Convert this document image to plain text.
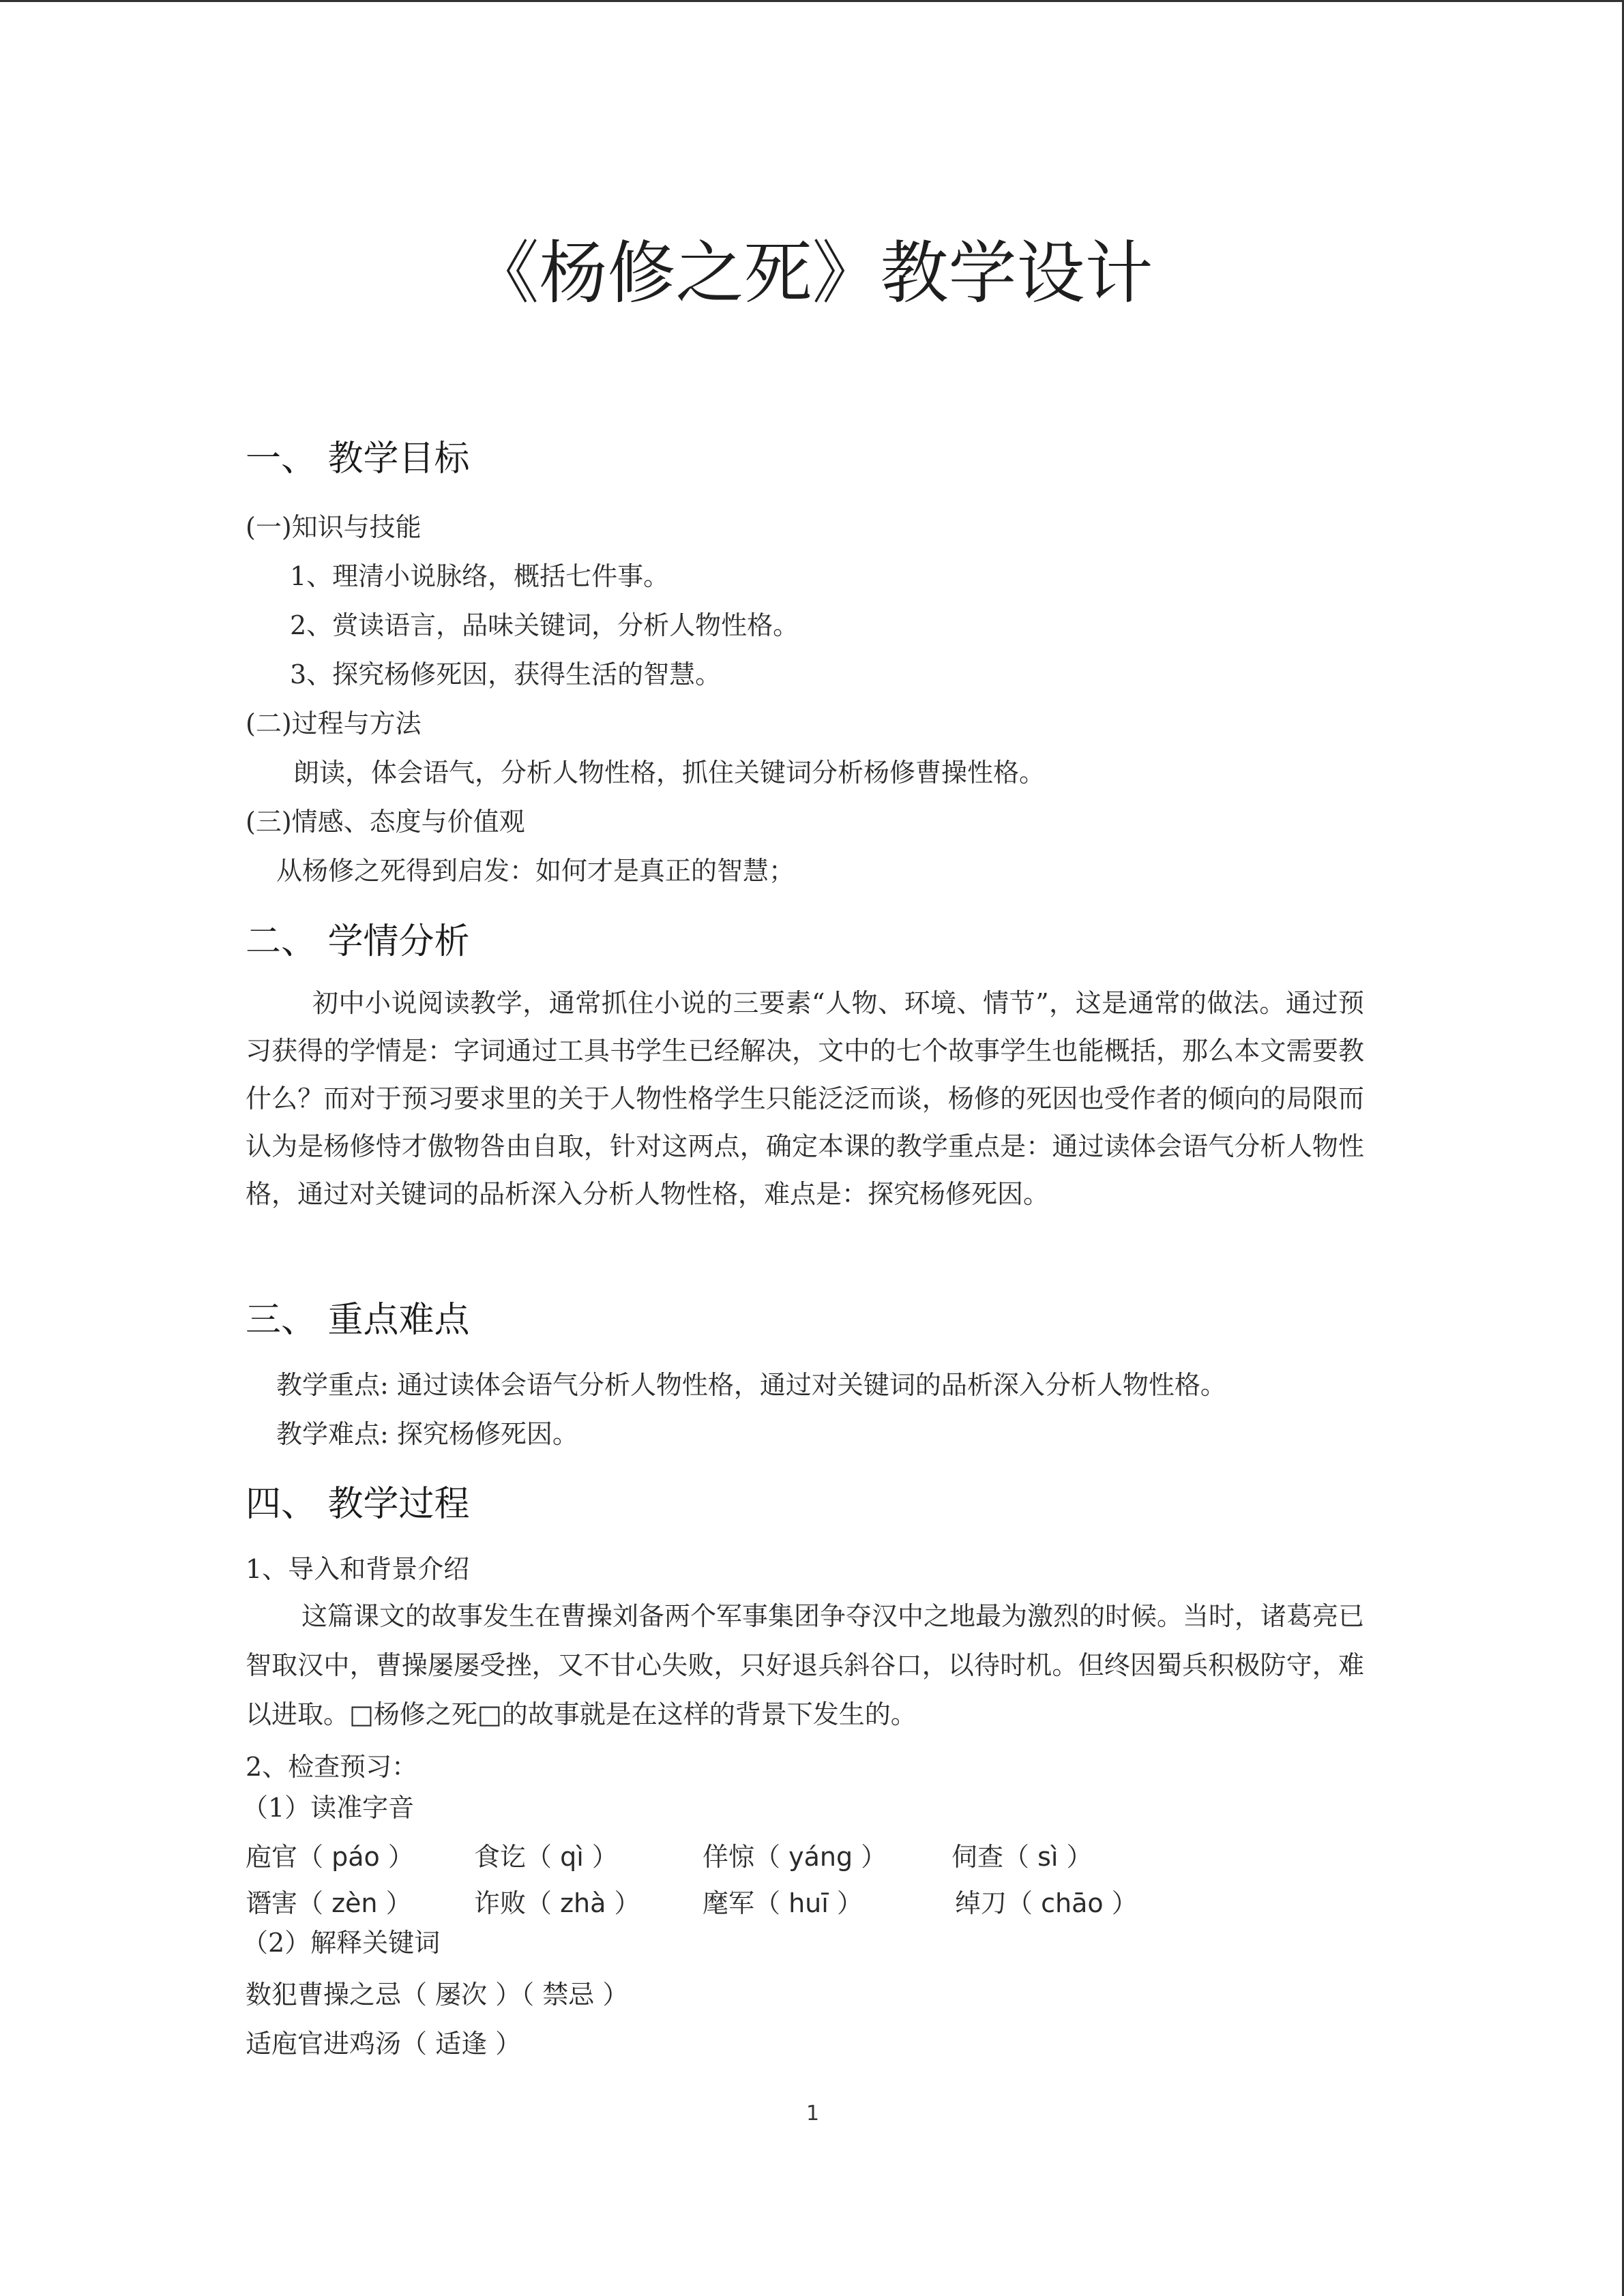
《杨修之死》教学设计
一、 教学目标
(一)知识与技能
1、理清小说脉络，概括七件事。
2、赏读语言，品味关键词，分析人物性格。
3、探究杨修死因，获得生活的智慧。
(二)过程与方法
朗读，体会语气，分析人物性格，抓住关键词分析杨修曹操性格。
(三)情感、态度与价值观
从杨修之死得到启发：如何才是真正的智慧；
二、 学情分析
初中小说阅读教学，通常抓住小说的三要素“人物、环境、情节”，这是通常的做法。通过预习获得的学情是：字词通过工具书学生已经解决，文中的七个故事学生也能概括，那么本文需要教什么？而对于预习要求里的关于人物性格学生只能泛泛而谈，杨修的死因也受作者的倾向的局限而认为是杨修恃才傲物咎由自取，针对这两点，确定本课的教学重点是：通过读体会语气分析人物性格，通过对关键词的品析深入分析人物性格，难点是：探究杨修死因。
三、 重点难点
教学重点: 通过读体会语气分析人物性格，通过对关键词的品析深入分析人物性格。
教学难点: 探究杨修死因。
四、 教学过程
1、导入和背景介绍
这篇课文的故事发生在曹操刘备两个军事集团争夺汉中之地最为激烈的时候。当时，诸葛亮已智取汉中，曹操屡屡受挫，又不甘心失败，只好退兵斜谷口，以待时机。但终因蜀兵积极防守，难以进取。□杨修之死□的故事就是在这样的背景下发生的。
2、检查预习：
（1）读准字音
庖官（ páo ） 食讫（ qì ）	佯惊（ yáng ） 伺查（ sì ）
谮害（ zèn ） 诈败（ zhà ） 麾军（ huī ）	绰刀（ chāo ）
（2）解释关键词
数犯曹操之忌（ 屡次 ）（ 禁忌 ）
适庖官进鸡汤（ 适逢 ）
1
